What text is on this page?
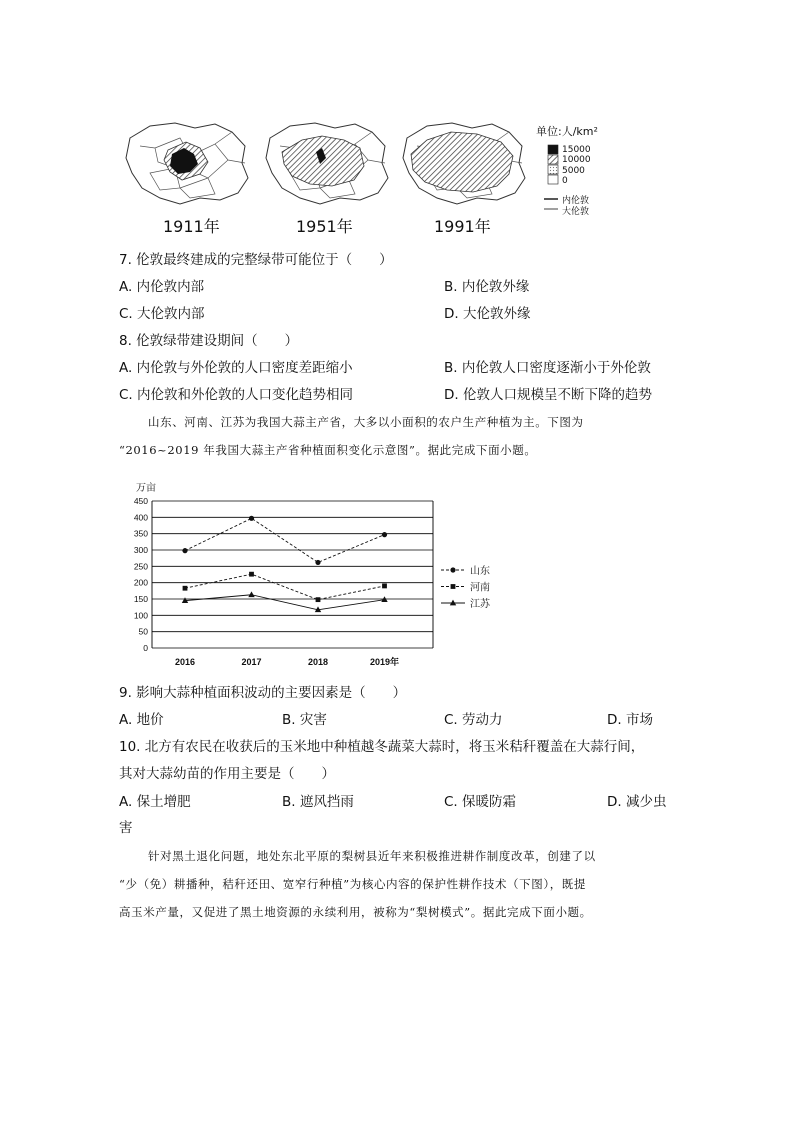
1911年	1951年	1991年
单位:人/km²
15000
10000
5000
0
内伦敦
大伦敦
7. 伦敦最终建成的完整绿带可能位于（　　）
A. 内伦敦内部	B. 内伦敦外缘
C. 大伦敦内部	D. 大伦敦外缘
8. 伦敦绿带建设期间（　　）
A. 内伦敦与外伦敦的人口密度差距缩小	B. 内伦敦人口密度逐渐小于外伦敦
C. 内伦敦和外伦敦的人口变化趋势相同	D. 伦敦人口规模呈不断下降的趋势
山东、河南、江苏为我国大蒜主产省，大多以小面积的农户生产种植为主。下图为
“2016~2019 年我国大蒜主产省种植面积变化示意图”。据此完成下面小题。
0
50
100
150
200
250
300
350
400
450
万亩
2016	2017	2018	2019年
山东
河南
江苏
9. 影响大蒜种植面积波动的主要因素是（　　）
A. 地价	B. 灾害	C. 劳动力	D. 市场
10. 北方有农民在收获后的玉米地中种植越冬蔬菜大蒜时，将玉米秸秆覆盖在大蒜行间，
其对大蒜幼苗的作用主要是（　　）
A. 保土增肥	B. 遮风挡雨	C. 保暖防霜	D. 减少虫
害
针对黑土退化问题，地处东北平原的梨树县近年来积极推进耕作制度改革，创建了以
“少（免）耕播种，秸秆还田、宽窄行种植”为核心内容的保护性耕作技术（下图），既提
高玉米产量，又促进了黑土地资源的永续利用，被称为“梨树模式”。据此完成下面小题。
